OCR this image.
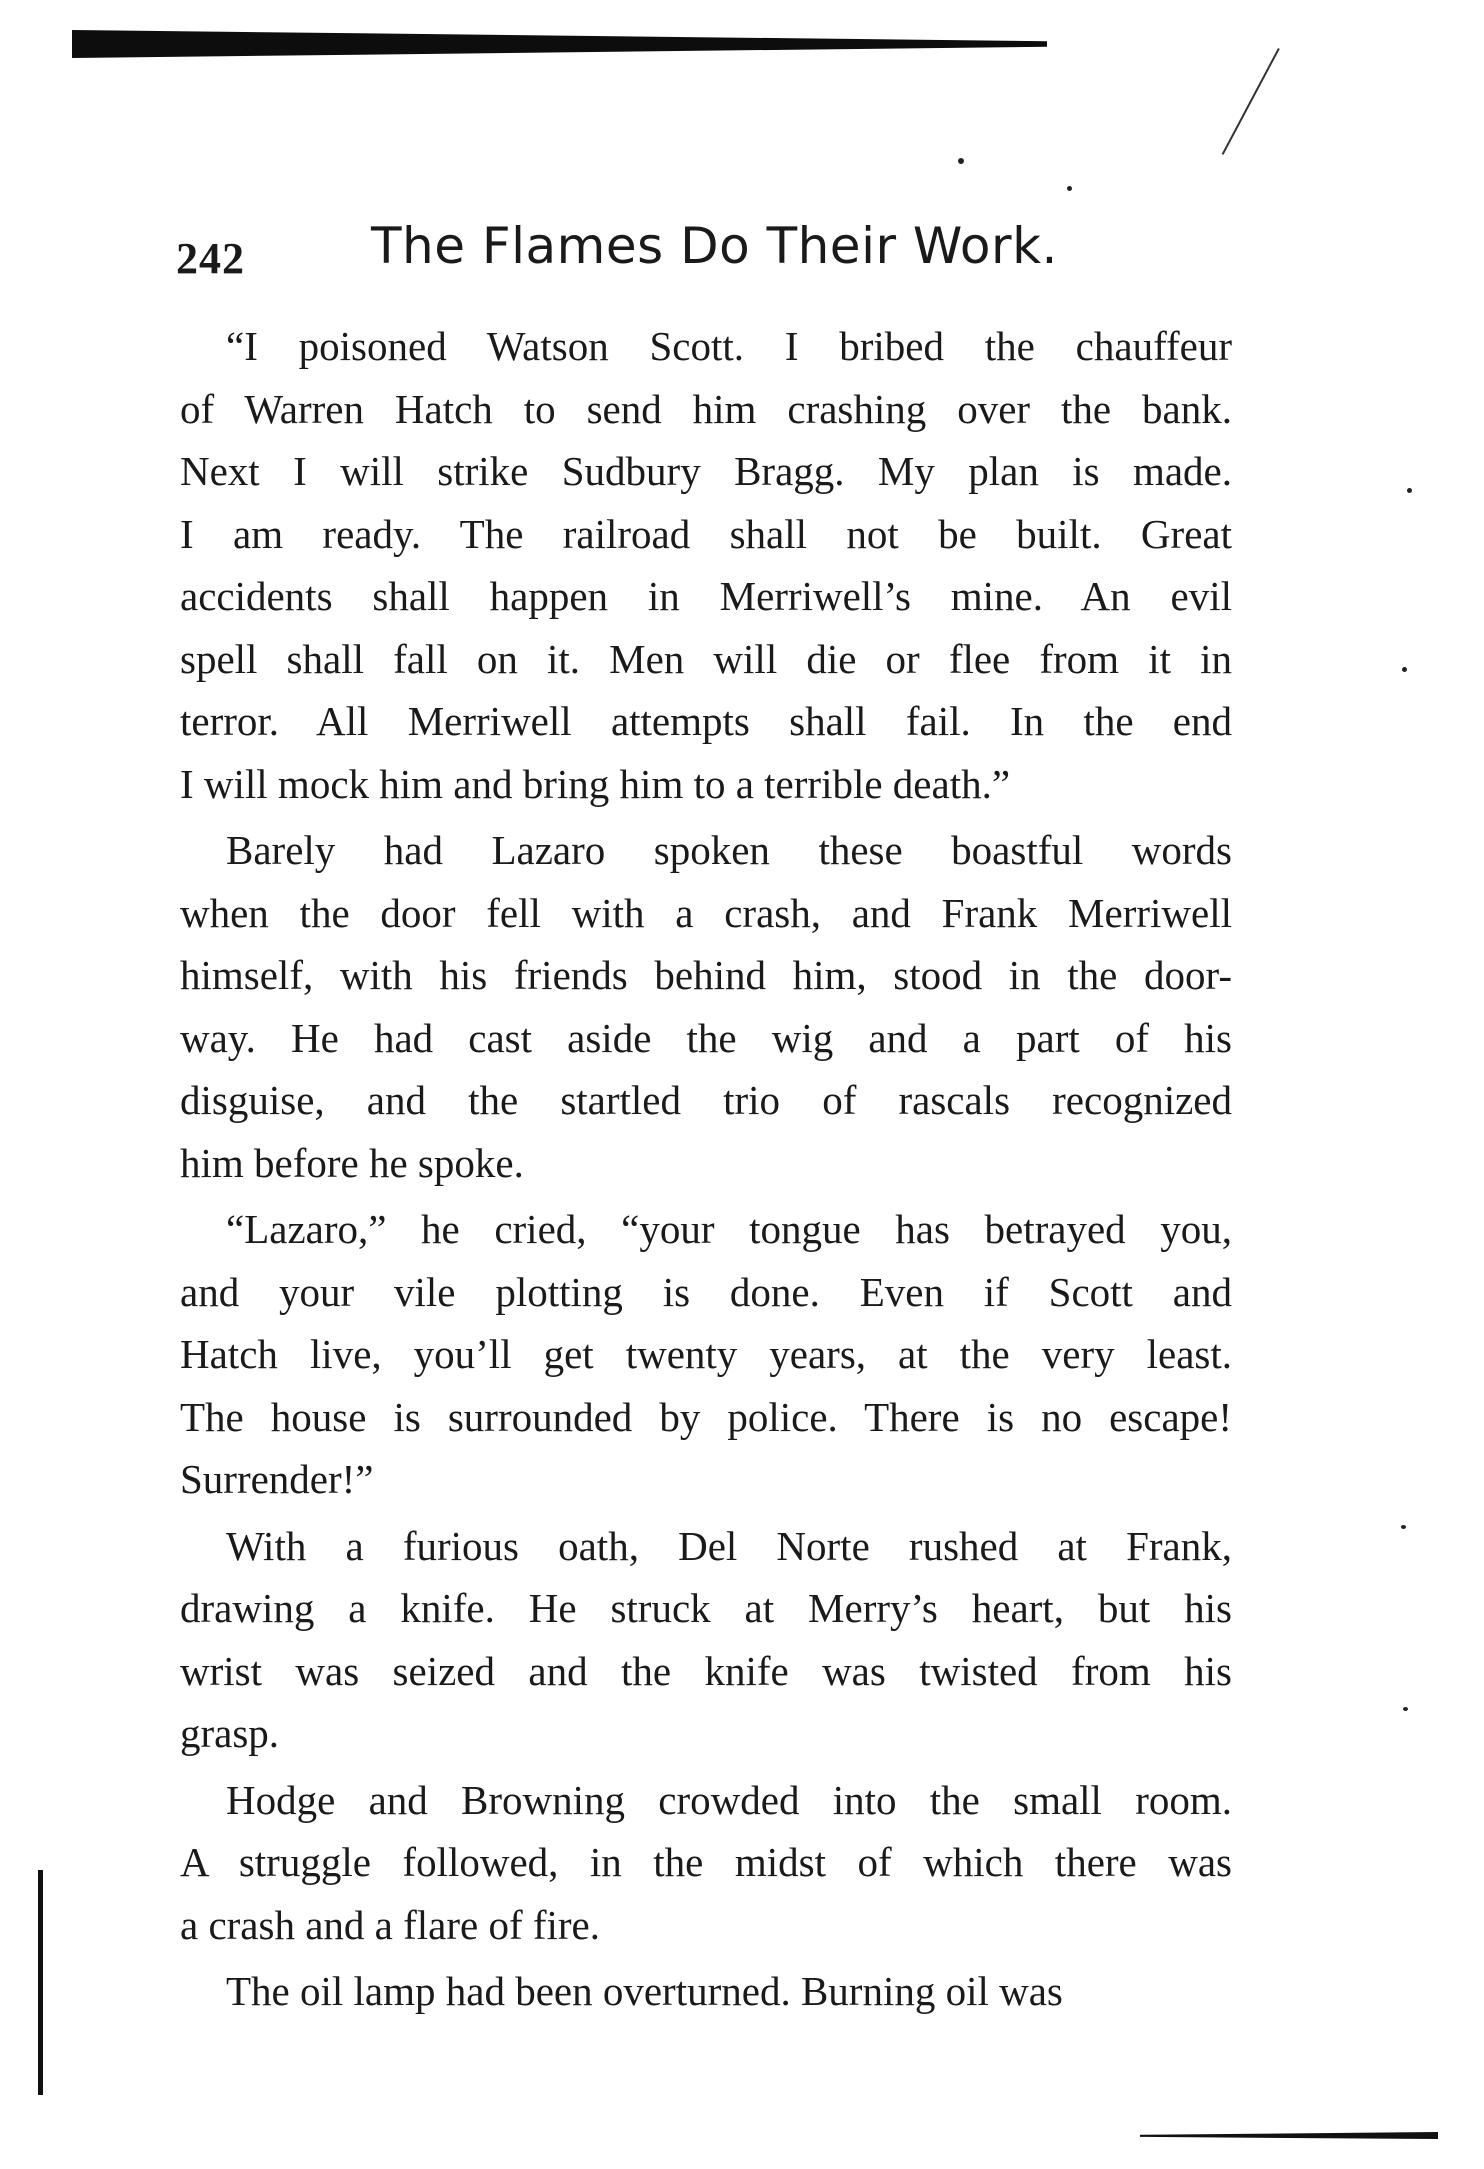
242	The Flames Do Their Work.
“I poisoned Watson Scott. I bribed the chauffeur
of Warren Hatch to send him crashing over the bank.
Next I will strike Sudbury Bragg. My plan is made.
I am ready. The railroad shall not be built. Great
accidents shall happen in Merriwell’s mine. An evil
spell shall fall on it. Men will die or flee from it in
terror. All Merriwell attempts shall fail. In the end
I will mock him and bring him to a terrible death.”
Barely had Lazaro spoken these boastful words
when the door fell with a crash, and Frank Merriwell
himself, with his friends behind him, stood in the door-
way. He had cast aside the wig and a part of his
disguise, and the startled trio of rascals recognized
him before he spoke.
“Lazaro,” he cried, “your tongue has betrayed you,
and your vile plotting is done. Even if Scott and
Hatch live, you’ll get twenty years, at the very least.
The house is surrounded by police. There is no escape!
Surrender!”
With a furious oath, Del Norte rushed at Frank,
drawing a knife. He struck at Merry’s heart, but his
wrist was seized and the knife was twisted from his
grasp.
Hodge and Browning crowded into the small room.
A struggle followed, in the midst of which there was
a crash and a flare of fire.
The oil lamp had been overturned. Burning oil was
